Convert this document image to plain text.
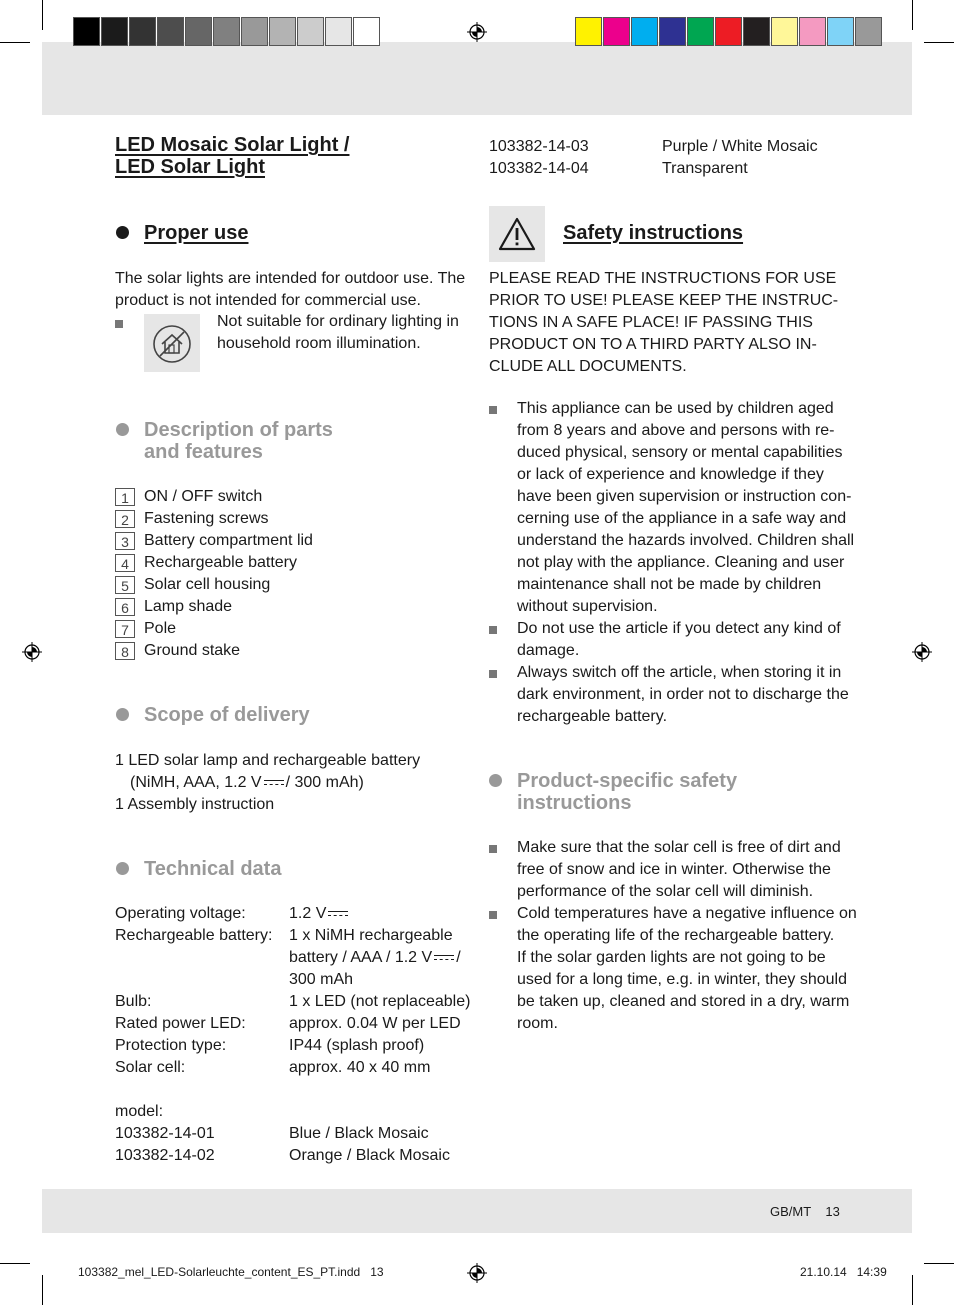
LED Mosaic Solar Light /
LED Solar Light
Proper use
The solar lights are intended for outdoor use. The
product is not intended for commercial use.
Not suitable for ordinary lighting in
household room illumination.
Description of parts
and features
1 ON / OFF switch
2 Fastening screws
3 Battery compartment lid
4 Rechargeable battery
5 Solar cell housing
6 Lamp shade
7 Pole
8 Ground stake
Scope of delivery
1 LED solar lamp and rechargeable battery
(NiMH, AAA, 1.2 V / 300 mAh)
1 Assembly instruction
Technical data
Operating voltage:	1.2 V
Rechargeable battery: 1 x NiMH rechargeable
battery / AAA / 1.2 V /
300 mAh
Bulb:	1 x LED (not replaceable)
Rated power LED:	approx. 0.04 W per LED
Protection type:	IP44 (splash proof)
Solar cell:	approx. 40 x 40 mm
model:
103382-14-01	Blue / Black Mosaic
103382-14-02	Orange / Black Mosaic
103382-14-03	Purple / White Mosaic
103382-14-04	Transparent
Safety instructions
PLEASE READ THE INSTRUCTIONS FOR USE
PRIOR TO USE! PLEASE KEEP THE INSTRUC-
TIONS IN A SAFE PLACE! IF PASSING THIS
PRODUCT ON TO A THIRD PARTY ALSO IN-
CLUDE ALL DOCUMENTS.
This appliance can be used by children aged
from 8 years and above and persons with re-
duced physical, sensory or mental capabilities
or lack of experience and knowledge if they
have been given supervision or instruction con-
cerning use of the appliance in a safe way and
understand the hazards involved. Children shall
not play with the appliance. Cleaning and user
maintenance shall not be made by children
without supervision.
Do not use the article if you detect any kind of
damage.
Always switch off the article, when storing it in
dark environment, in order not to discharge the
rechargeable battery.
Product-specific safety
instructions
Make sure that the solar cell is free of dirt and
free of snow and ice in winter. Otherwise the
performance of the solar cell will diminish.
Cold temperatures have a negative influence on
the operating life of the rechargeable battery.
If the solar garden lights are not going to be
used for a long time, e.g. in winter, they should
be taken up, cleaned and stored in a dry, warm
room.
GB/MT    13
103382_mel_LED-Solarleuchte_content_ES_PT.indd   13	21.10.14   14:39
